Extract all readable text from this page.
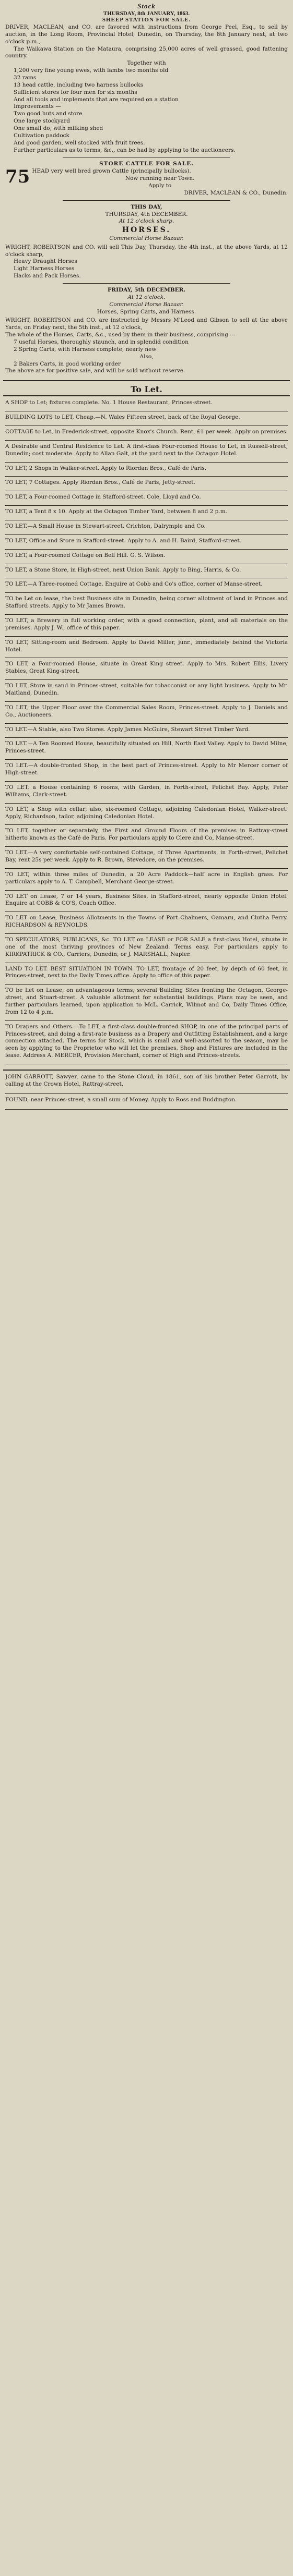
Stock
THURSDAY, 8th JANUARY, 1863.
SHEEP STATION FOR SALE.
DRIVER, MACLEAN, and CO. are favored with instructions from George Peel, Esq., to sell by auction, in the Long Room, Provincial Hotel, Dunedin, on Thursday, the 8th January next, at two o'clock p.m.,
The Waikawa Station on the Mataura, comprising 25,000 acres of well grassed, good fattening country.
Together with
1,200 very fine young ewes, with lambs two months old
32 rams
13 head cattle, including two harness bullocks
Sufficient stores for four men for six months
And all tools and implements that are required on a station
Improvements —
Two good huts and store
One large stockyard
One small do, with milking shed
Cultivation paddock
And good garden, well stocked with fruit trees.
Further particulars as to terms, &c., can be had by applying to the auctioneers.
STORE CATTLE FOR SALE.
75 HEAD very well bred grown Cattle (principally bullocks).
Now running near Town.
Apply to
DRIVER, MACLEAN & CO., Dunedin.
THIS DAY,
THURSDAY, 4th DECEMBER.
At 12 o'clock sharp.
HORSES.
Commercial Horse Bazaar.
WRIGHT, ROBERTSON and CO. will sell This Day, Thursday, the 4th inst., at the above Yards, at 12 o'clock sharp,
Heavy Draught Horses
Light Harness Horses
Hacks and Pack Horses.
FRIDAY, 5th DECEMBER.
At 12 o'clock.
Commercial Horse Bazaar.
Horses, Spring Carts, and Harness.
WRIGHT, ROBERTSON and CO. are instructed by Messrs M'Leod and Gibson to sell at the above Yards, on Friday next, the 5th inst., at 12 o'clock,
The whole of the Horses, Carts, &c., used by them in their business, comprising —
7 useful Horses, thoroughly staunch, and in splendid condition
2 Spring Carts, with Harness complete, nearly new
Also,
2 Bakers Carts, in good working order
The above are for positive sale, and will be sold without reserve.
To Let.
A SHOP to Let; fixtures complete. No. 1 House Restaurant, Princes-street.
BUILDING LOTS to LET, Cheap.—N. Wales Fifteen street, back of the Royal George.
COTTAGE to Let, in Frederick-street, opposite Knox's Church. Rent, £1 per week. Apply on premises.
A Desirable and Central Residence to Let. A first-class Four-roomed House to Let, in Russell-street, Dunedin; cost moderate. Apply to Allan Galt, at the yard next to the Octagon Hotel.
TO LET, 2 Shops in Walker-street. Apply to Riordan Bros., Café de Paris.
TO LET, 7 Cottages. Apply Riordan Bros., Café de Paris, Jetty-street.
TO LET, a Four-roomed Cottage in Stafford-street. Cole, Lloyd and Co.
TO LET, a Tent 8 x 10. Apply at the Octagon Timber Yard, between 8 and 2 p.m.
TO LET.—A Small House in Stewart-street. Crichton, Dalrymple and Co.
TO LET, Office and Store in Stafford-street. Apply to A. and H. Baird, Stafford-street.
TO LET, a Four-roomed Cottage on Bell Hill. G. S. Wilson.
TO LET, a Stone Store, in High-street, next Union Bank. Apply to Bing, Harris, & Co.
TO LET.—A Three-roomed Cottage. Enquire at Cobb and Co's office, corner of Manse-street.
TO be Let on lease, the best Business site in Dunedin, being corner allotment of land in Princes and Stafford streets. Apply to Mr James Brown.
TO LET, a Brewery in full working order, with a good connection, plant, and all materials on the premises. Apply J. W., office of this paper.
TO LET, Sitting-room and Bedroom. Apply to David Miller, junr., immediately behind the Victoria Hotel.
TO LET, a Four-roomed House, situate in Great King street. Apply to Mrs. Robert Ellis, Livery Stables, Great King-street.
TO LET, Store in sand in Princes-street, suitable for tobacconist or any light business. Apply to Mr. Maitland, Dunedin.
TO LET, the Upper Floor over the Commercial Sales Room, Princes-street. Apply to J. Daniels and Co., Auctioneers.
TO LET.—A Stable, also Two Stores. Apply James McGuire, Stewart Street Timber Yard.
TO LET.—A Ten Roomed House, beautifully situated on Hill, North East Valley. Apply to David Milne, Princes-street.
TO LET.—A double-fronted Shop, in the best part of Princes-street. Apply to Mr Mercer corner of High-street.
TO LET, a House containing 6 rooms, with Garden, in Forth-street, Pelichet Bay. Apply, Peter Williams, Clark-street.
TO LET, a Shop with cellar; also, six-roomed Cottage, adjoining Caledonian Hotel, Walker-street. Apply, Richardson, tailor, adjoining Caledonian Hotel.
TO LET, together or separately, the First and Ground Floors of the premises in Rattray-street hitherto known as the Café de Paris. For particulars apply to Clere and Co, Manse-street.
TO LET.—A very comfortable self-contained Cottage, of Three Apartments, in Forth-street, Pelichet Bay, rent 25s per week. Apply to R. Brown, Stevedore, on the premises.
TO LET, within three miles of Dunedin, a 20 Acre Paddock—half acre in English grass. For particulars apply to A. T. Campbell, Merchant George-street.
TO LET on Lease, 7 or 14 years, Business Sites, in Stafford-street, nearly opposite Union Hotel. Enquire at COBB & CO'S, Coach Office.
TO LET on Lease, Business Allotments in the Towns of Port Chalmers, Oamaru, and Clutha Ferry. RICHARDSON & REYNOLDS.
TO SPECULATORS, PUBLICANS, &c. TO LET on LEASE or FOR SALE a first-class Hotel, situate in one of the most thriving provinces of New Zealand. Terms easy. For particulars apply to KIRKPATRICK & CO., Carriers, Dunedin; or J. MARSHALL, Napier.
LAND TO LET. BEST SITUATION IN TOWN. TO LET, frontage of 20 feet, by depth of 60 feet, in Princes-street, next to the Daily Times office. Apply to office of this paper.
TO be Let on Lease, on advantageous terms, several Building Sites fronting the Octagon, George-street, and Stuart-street. A valuable allotment for substantial buildings. Plans may be seen, and further particulars learned, upon application to McL. Carrick, Wilmot and Co, Daily Times Office, from 12 to 4 p.m.
TO Drapers and Others.—To LET, a first-class double-fronted SHOP, in one of the principal parts of Princes-street, and doing a first-rate business as a Drapery and Outfitting Establishment, and a large connection attached. The terms for Stock, which is small and well-assorted to the season, may be seen by applying to the Proprietor who will let the premises. Shop and Fixtures are included in the lease. Address A. MERCER, Provision Merchant, corner of High and Princes-streets.
JOHN GARROTT, Sawyer, came to the Stone Cloud, in 1861, son of his brother Peter Garrott, by calling at the Crown Hotel, Rattray-street.
FOUND, near Princes-street, a small sum of Money. Apply to Ross and Buddington.
